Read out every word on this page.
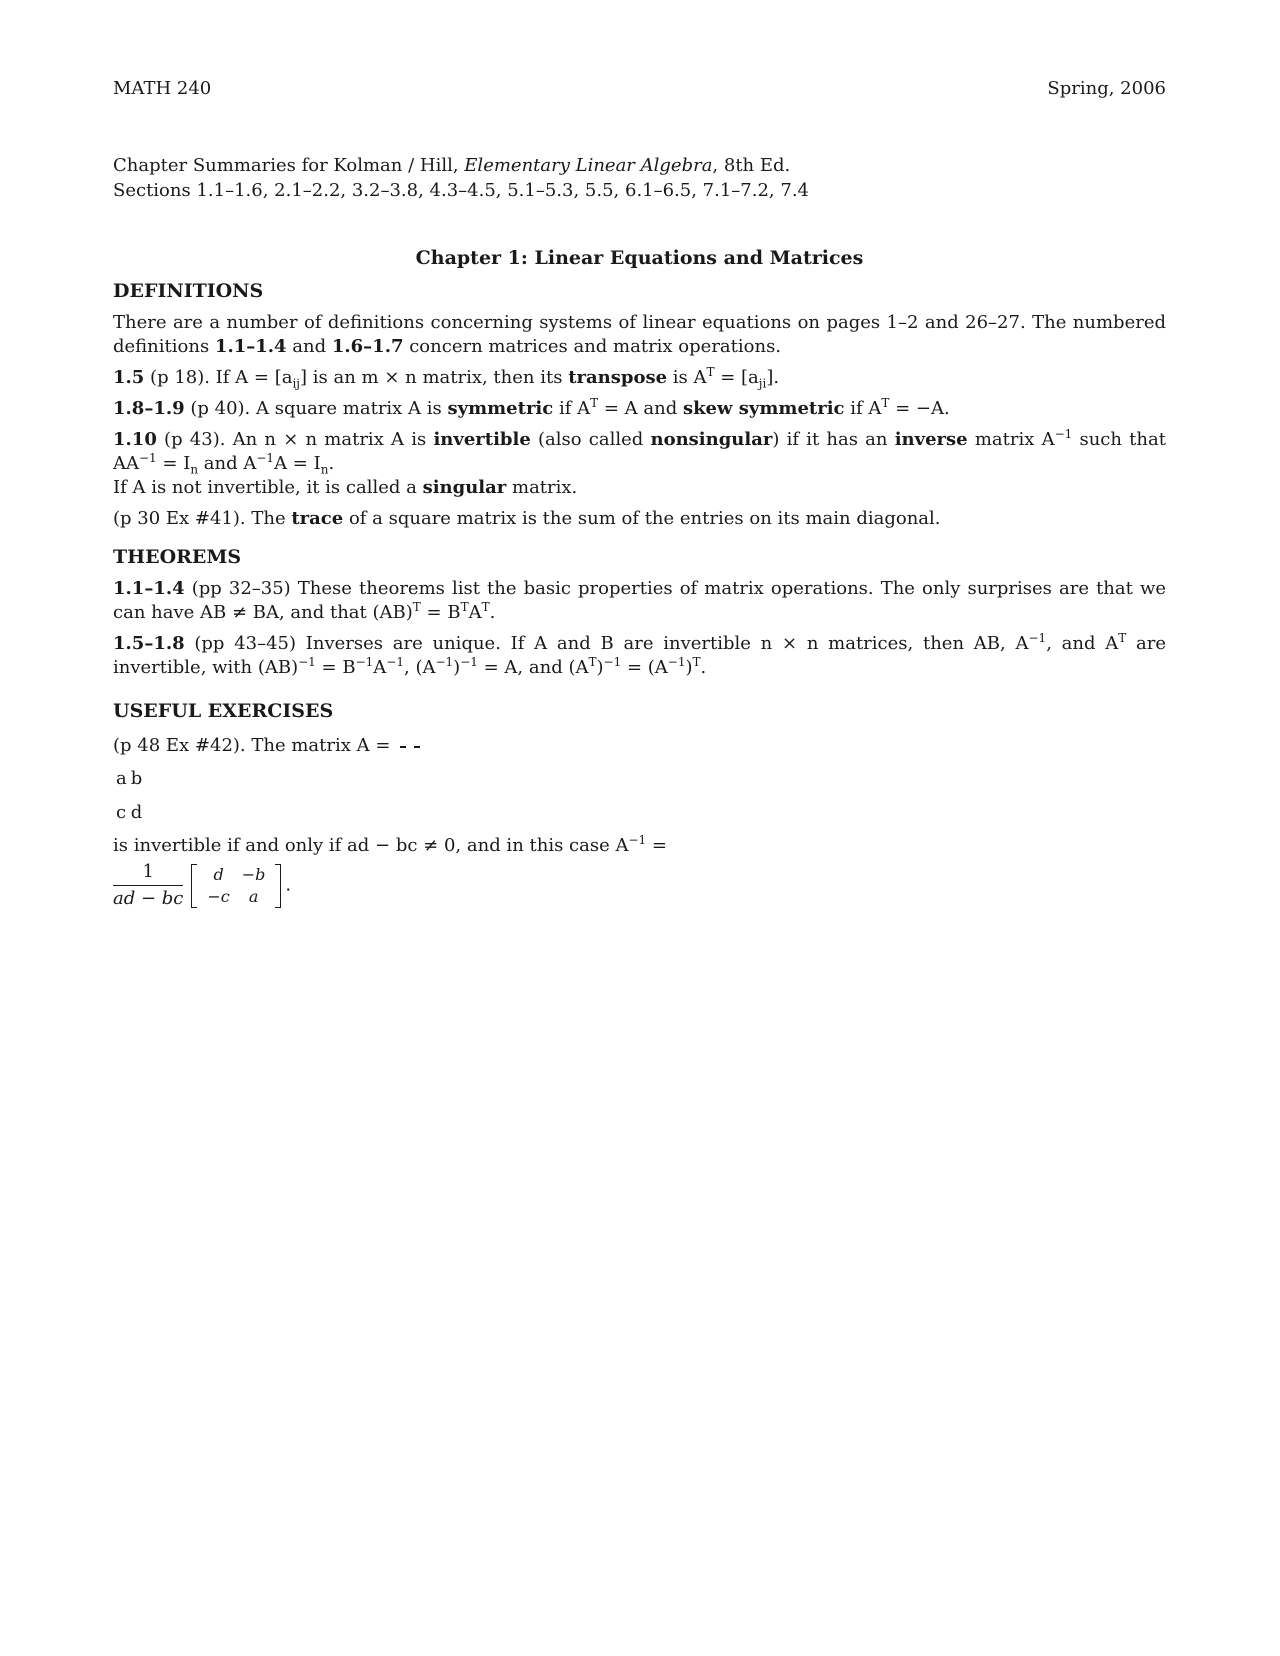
MATH 240	Spring, 2006
Chapter Summaries for Kolman / Hill, Elementary Linear Algebra, 8th Ed.
Sections 1.1–1.6, 2.1–2.2, 3.2–3.8, 4.3–4.5, 5.1–5.3, 5.5, 6.1–6.5, 7.1–7.2, 7.4
Chapter 1: Linear Equations and Matrices
DEFINITIONS

There are a number of definitions concerning systems of linear equations on pages 1–2 and 26–27. The numbered definitions 1.1–1.4 and 1.6–1.7 concern matrices and matrix operations.

1.5 (p 18). If $A = [a_{ij}]$ is an m × n matrix, then its transpose is $A^T = [a_{ji}]$.

1.8–1.9 (p 40). A square matrix A is symmetric if $A^T = A$ and skew symmetric if $A^T = -A$.

1.10 (p 43). An n × n matrix A is invertible (also called nonsingular) if it has an inverse matrix $A^{-1}$ such that $AA^{-1} = I_n$ and $A^{-1}A = I_n$.

If A is not invertible, it is called a singular matrix.

(p 30 Ex #41). The trace of a square matrix is the sum of the entries on its main diagonal.

THEOREMS

1.1–1.4 (pp 32–35) These theorems list the basic properties of matrix operations. The only surprises are that we can have AB ≠ BA, and that $(AB)^T = B^TA^T$.

1.5–1.8 (pp 43–45) Inverses are unique. If A and B are invertible n × n matrices, then AB, $A^{-1}$, and $A^T$ are invertible, with $(AB)^{-1} = B^{-1}A^{-1}$, $(A^{-1})^{-1} = A$, and $(A^T)^{-1} = (A^{-1})^T$.

USEFUL EXERCISES

(p 48 Ex #42). The matrix A =

a	b
c	d
is invertible if and only if ad − bc ≠ 0, and in this case $A^{-1}$ =

$\frac{1}{ad - bc}$ d	−b
−c	a
.
